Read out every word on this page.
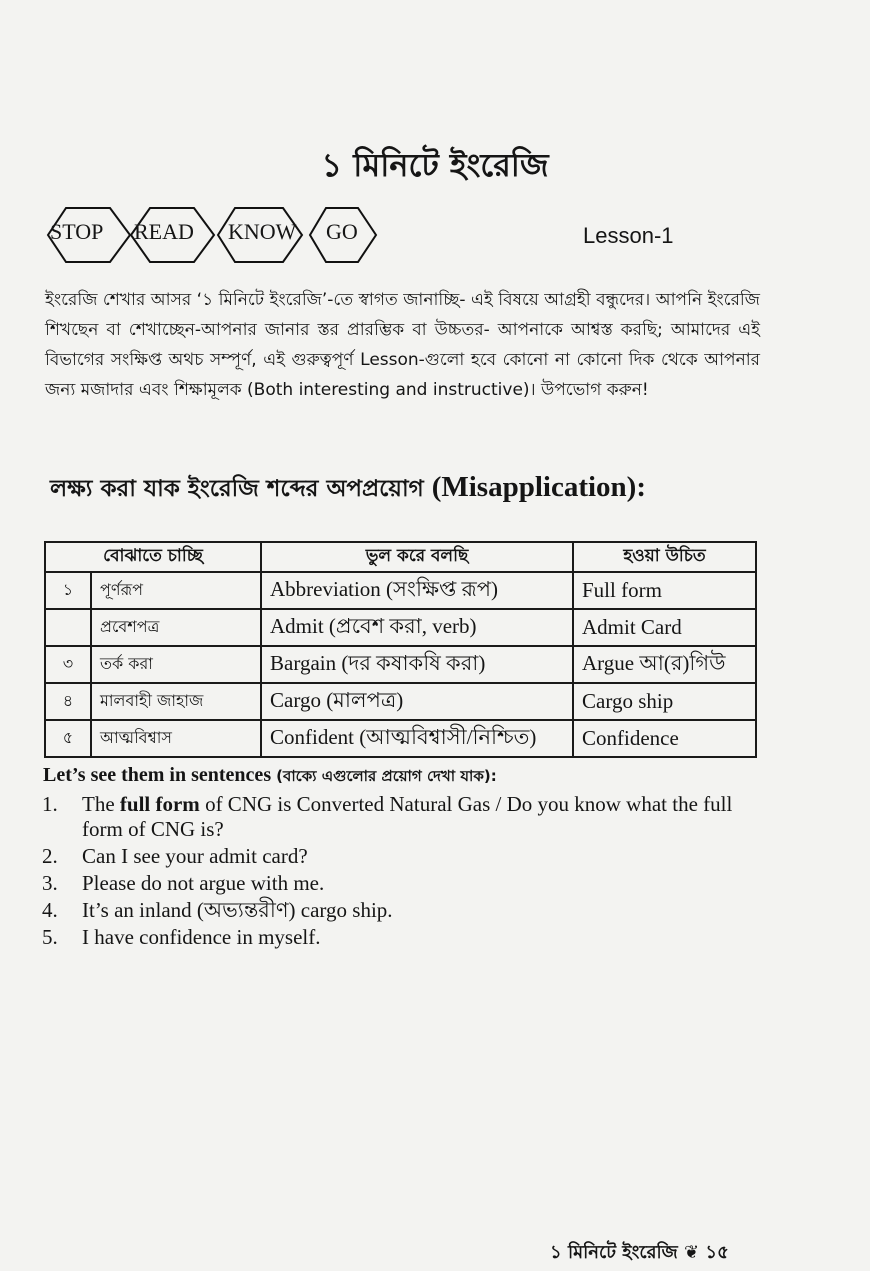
১ মিনিটে ইংরেজি
STOP READ KNOW GO	Lesson-1

ইংরেজি শেখার আসর ‘১ মিনিটে ইংরেজি’-তে স্বাগত জানাচ্ছি- এই বিষয়ে আগ্রহী বন্ধুদের। আপনি ইংরেজি শিখছেন বা শেখাচ্ছেন-আপনার জানার স্তর প্রারম্ভিক বা উচ্চতর- আপনাকে আশ্বস্ত করছি; আমাদের এই বিভাগের সংক্ষিপ্ত অথচ সম্পূর্ণ, এই গুরুত্বপূর্ণ Lesson-গুলো হবে কোনো না কোনো দিক থেকে আপনার জন্য মজাদার এবং শিক্ষামূলক (Both interesting and instructive)। উপভোগ করুন!

লক্ষ্য করা যাক ইংরেজি শব্দের অপপ্রয়োগ (Misapplication):
বোঝাতে চাচ্ছি		ভুল করে বলছি	হওয়া উচিত
১	পূর্ণরূপ	Abbreviation (সংক্ষিপ্ত রূপ)	Full form
	প্রবেশপত্র	Admit (প্রবেশ করা, verb)	Admit Card
৩	তর্ক করা	Bargain (দর কষাকষি করা)	Argue আ(র)গিউ
৪	মালবাহী জাহাজ	Cargo (মালপত্র)	Cargo ship
৫	আত্মবিশ্বাস	Confident (আত্মবিশ্বাসী/নিশ্চিত)	Confidence
Let’s see them in sentences (বাক্যে এগুলোর প্রয়োগ দেখা যাক):
1.	The full form of CNG is Converted Natural Gas / Do you know what the full form of CNG is?
2.	Can I see your admit card?
3.	Please do not argue with me.
4.	It’s an inland (অভ্যন্তরীণ) cargo ship.
5.	I have confidence in myself.
১ মিনিটে ইংরেজি ❦ ১৫
